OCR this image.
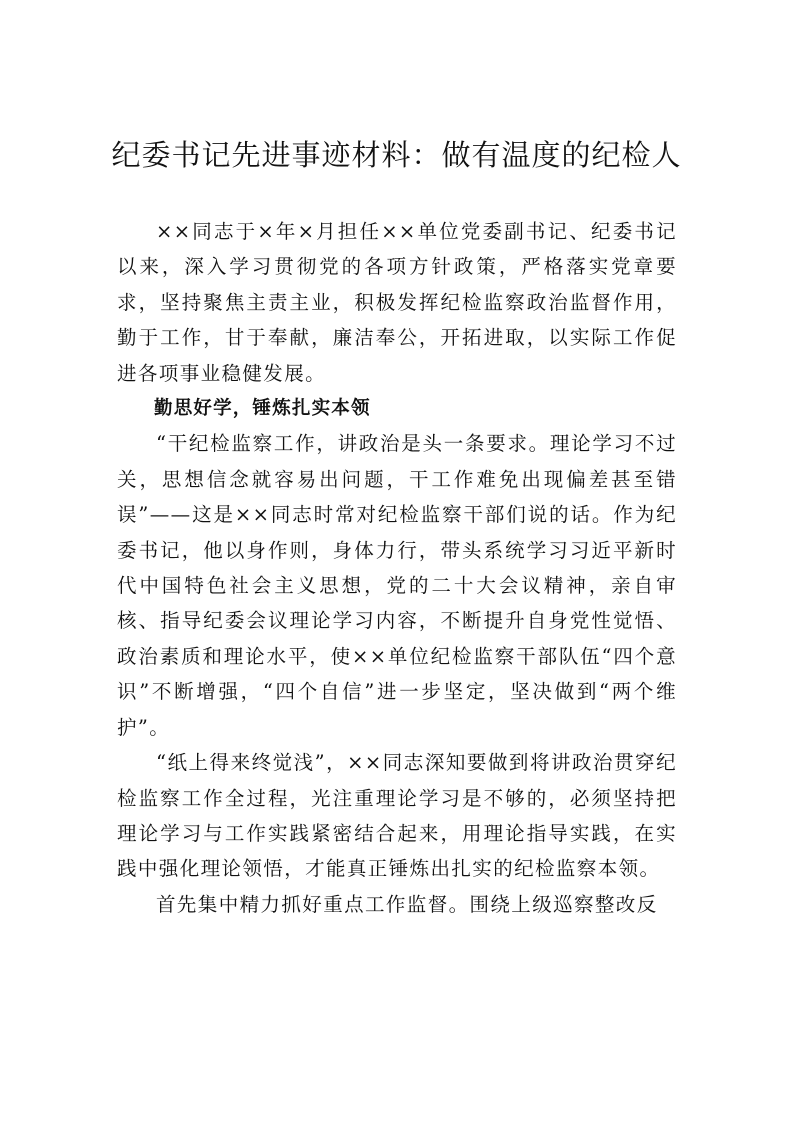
纪委书记先进事迹材料：做有温度的纪检人

××同志于×年×月担任××单位党委副书记、纪委书记以来，深入学习贯彻党的各项方针政策，严格落实党章要求，坚持聚焦主责主业，积极发挥纪检监察政治监督作用，勤于工作，甘于奉献，廉洁奉公，开拓进取，以实际工作促进各项事业稳健发展。

勤思好学，锤炼扎实本领

“干纪检监察工作，讲政治是头一条要求。理论学习不过关，思想信念就容易出问题，干工作难免出现偏差甚至错误”——这是××同志时常对纪检监察干部们说的话。作为纪委书记，他以身作则，身体力行，带头系统学习习近平新时代中国特色社会主义思想，党的二十大会议精神，亲自审核、指导纪委会议理论学习内容，不断提升自身党性觉悟、政治素质和理论水平，使××单位纪检监察干部队伍“四个意识”不断增强，“四个自信”进一步坚定，坚决做到“两个维护”。

“纸上得来终觉浅”，××同志深知要做到将讲政治贯穿纪检监察工作全过程，光注重理论学习是不够的，必须坚持把理论学习与工作实践紧密结合起来，用理论指导实践，在实践中强化理论领悟，才能真正锤炼出扎实的纪检监察本领。

首先集中精力抓好重点工作监督。围绕上级巡察整改反
